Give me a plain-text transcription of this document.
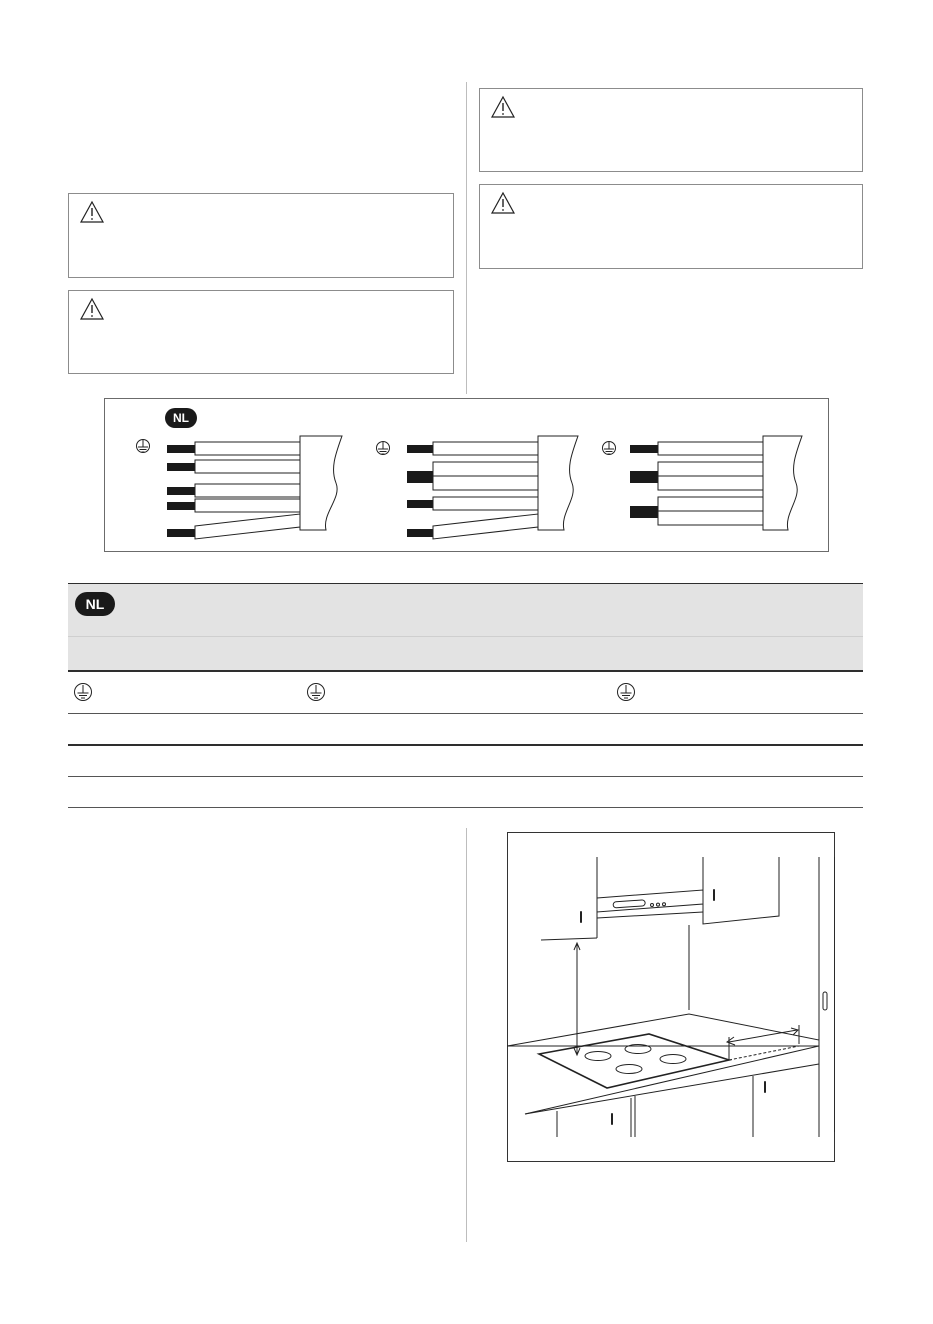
NL
NL
